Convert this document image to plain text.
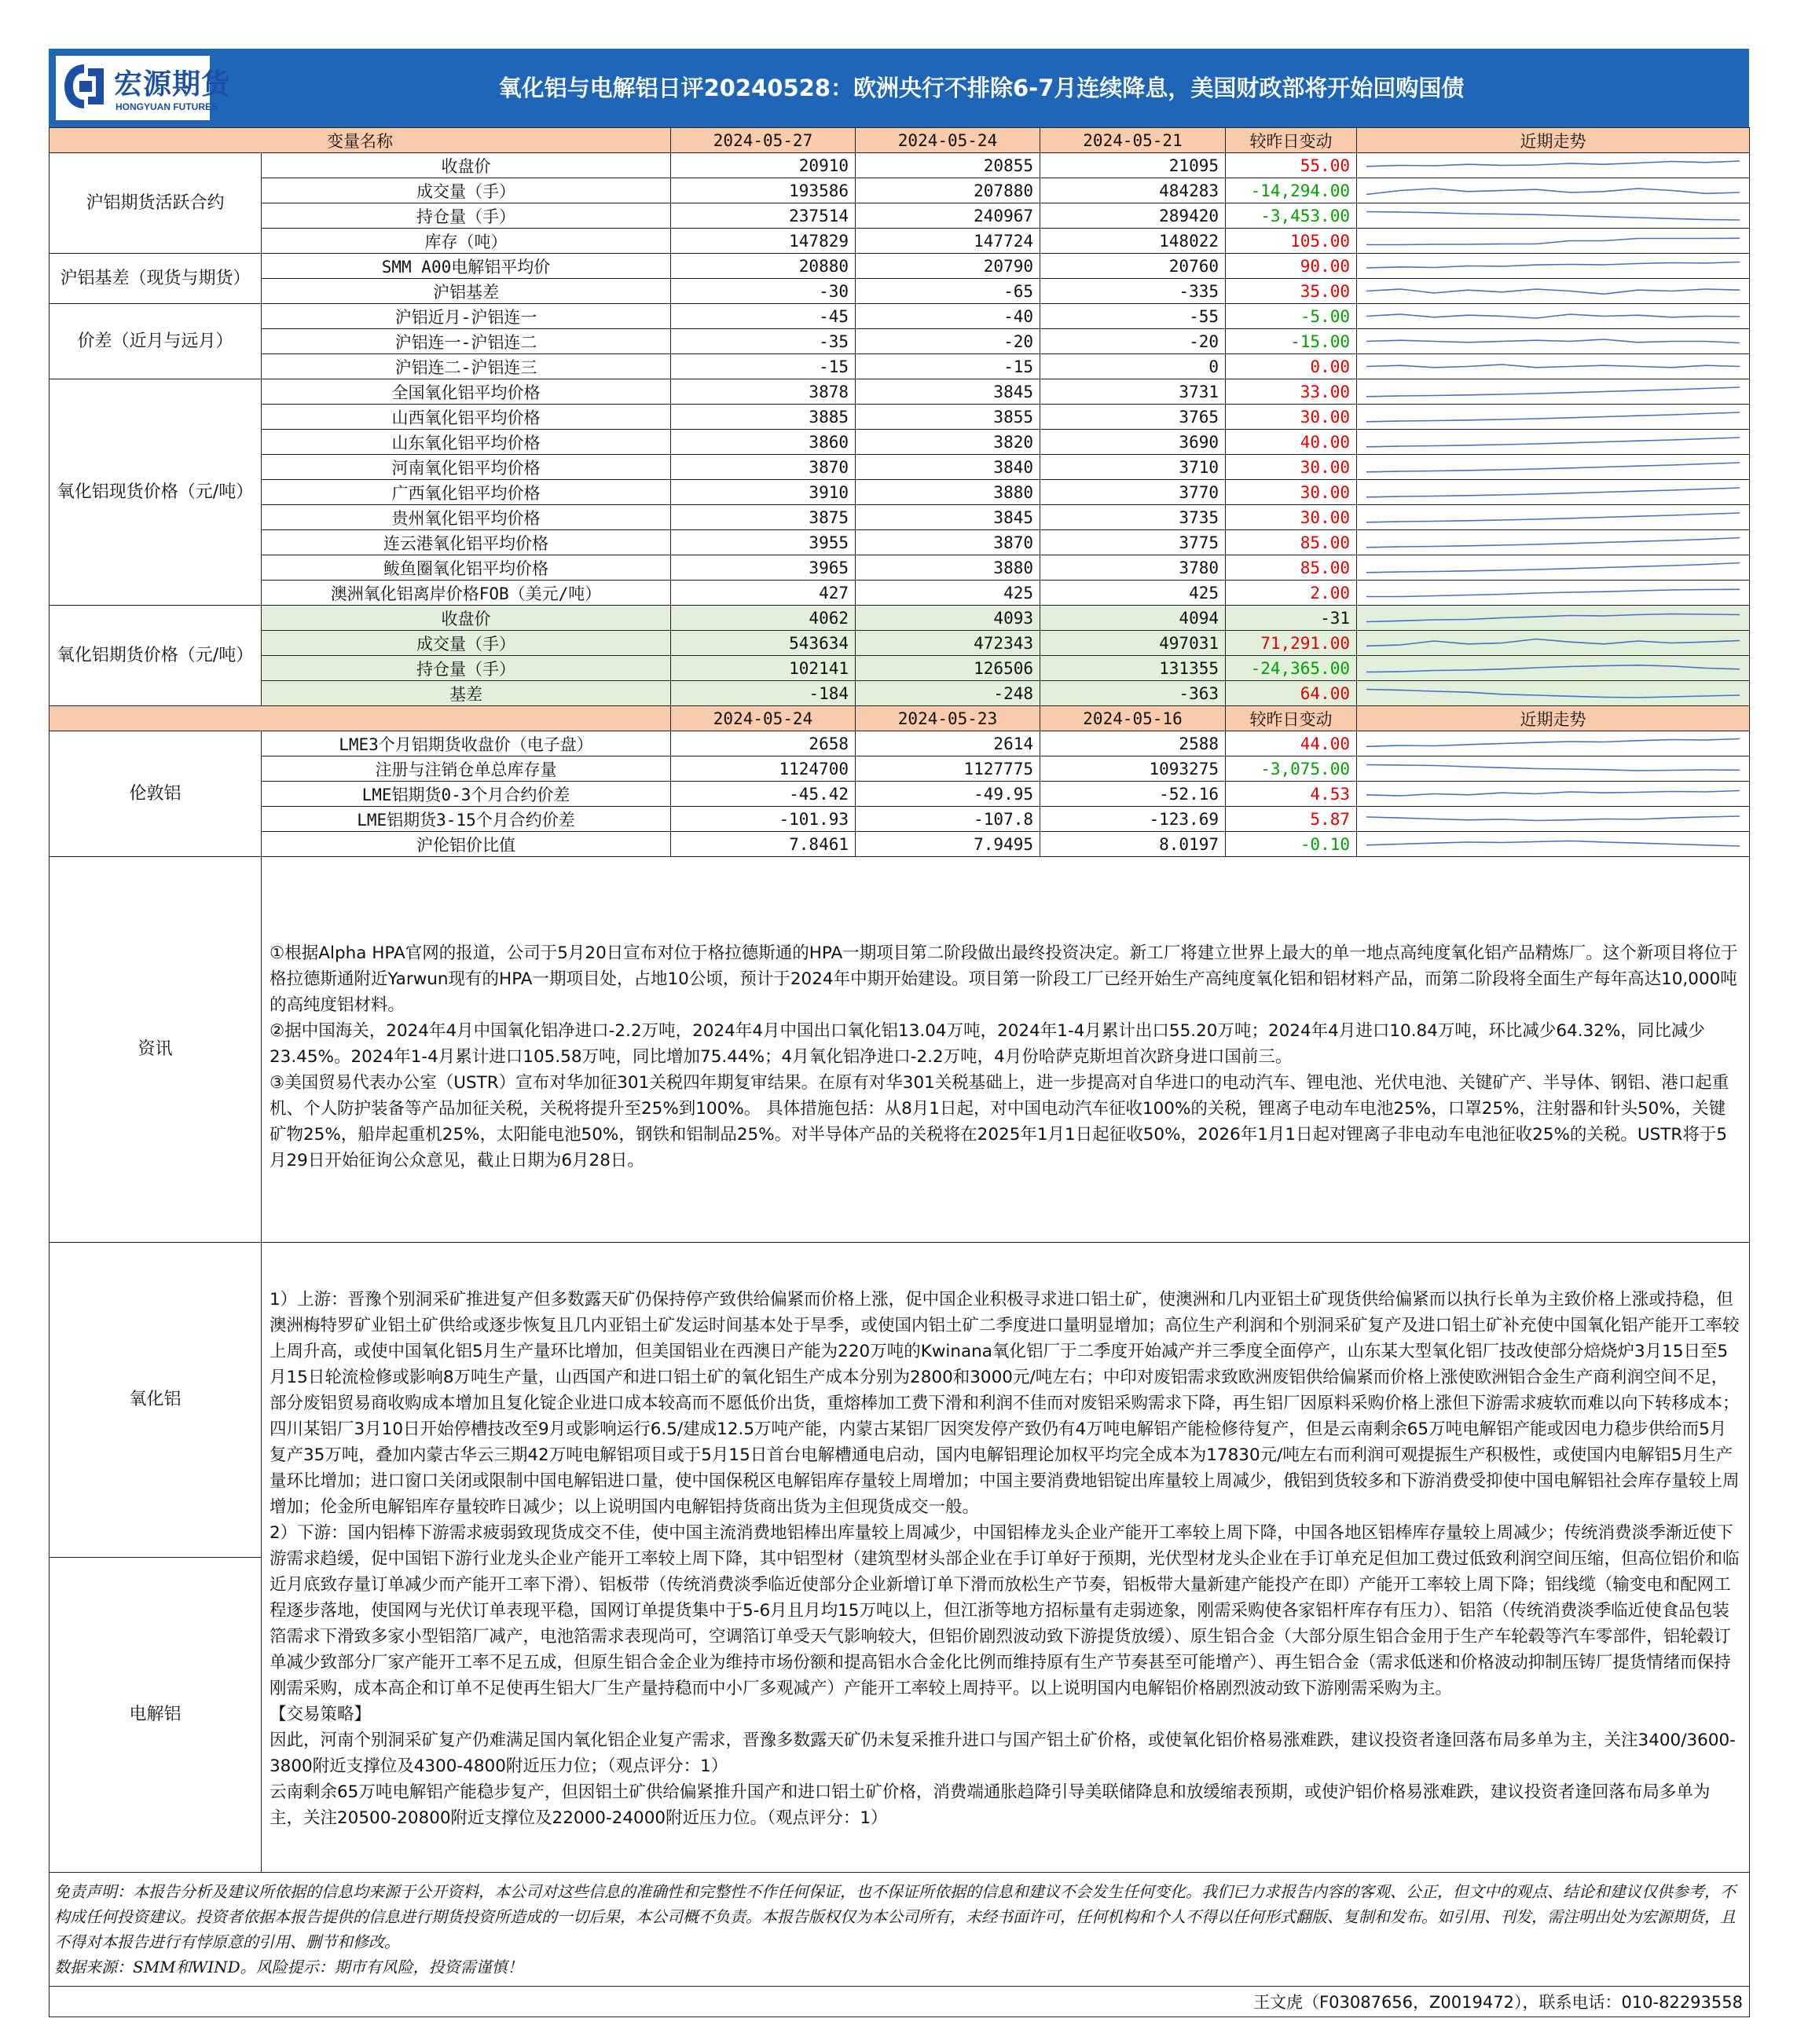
宏源期货
HONGYUAN FUTURES
氧化铝与电解铝日评20240528：欧洲央行不排除6-7月连续降息，美国财政部将开始回购国债
变量名称		2024-05-27	2024-05-24	2024-05-21	较昨日变动	近期走势
沪铝期货活跃合约	收盘价	20910	20855	21095	55.00	

	成交量（手）	193586	207880	484283	-14,294.00	

	持仓量（手）	237514	240967	289420	-3,453.00	

	库存（吨）	147829	147724	148022	105.00	

沪铝基差（现货与期货）	SMM A00电解铝平均价	20880	20790	20760	90.00	

	沪铝基差	-30	-65	-335	35.00	

价差（近月与远月）	沪铝近月-沪铝连一	-45	-40	-55	-5.00	

	沪铝连一-沪铝连二	-35	-20	-20	-15.00	

	沪铝连二-沪铝连三	-15	-15	0	0.00	

氧化铝现货价格（元/吨）	全国氧化铝平均价格	3878	3845	3731	33.00	

	山西氧化铝平均价格	3885	3855	3765	30.00	

	山东氧化铝平均价格	3860	3820	3690	40.00	

	河南氧化铝平均价格	3870	3840	3710	30.00	

	广西氧化铝平均价格	3910	3880	3770	30.00	

	贵州氧化铝平均价格	3875	3845	3735	30.00	

	连云港氧化铝平均价格	3955	3870	3775	85.00	

	鲅鱼圈氧化铝平均价格	3965	3880	3780	85.00	

	澳洲氧化铝离岸价格FOB（美元/吨）	427	425	425	2.00	

氧化铝期货价格（元/吨）	收盘价	4062	4093	4094	-31	

	成交量（手）	543634	472343	497031	71,291.00	

	持仓量（手）	102141	126506	131355	-24,365.00	

	基差	-184	-248	-363	64.00	

		2024-05-24	2024-05-23	2024-05-16	较昨日变动	近期走势
伦敦铝	LME3个月铝期货收盘价（电子盘）	2658	2614	2588	44.00	

	注册与注销仓单总库存量	1124700	1127775	1093275	-3,075.00	

	LME铝期货0-3个月合约价差	-45.42	-49.95	-52.16	4.53	

	LME铝期货3-15个月合约价差	-101.93	-107.8	-123.69	5.87	

	沪伦铝价比值	7.8461	7.9495	8.0197	-0.10	

资讯	①根据Alpha HPA官网的报道，公司于5月20日宣布对位于格拉德斯通的HPA一期项目第二阶段做出最终投资决定。新工厂将建立世界上最大的单一地点高纯度氧化铝产品精炼厂。这个新项目将位于格拉德斯通附近Yarwun现有的HPA一期项目处，占地10公顷，预计于2024年中期开始建设。项目第一阶段工厂已经开始生产高纯度氧化铝和铝材料产品，而第二阶段将全面生产每年高达10,000吨的高纯度铝材料。

②据中国海关，2024年4月中国氧化铝净进口-2.2万吨，2024年4月中国出口氧化铝13.04万吨，2024年1-4月累计出口55.20万吨；2024年4月进口10.84万吨，环比减少64.32%，同比减少23.45%。2024年1-4月累计进口105.58万吨，同比增加75.44%；4月氧化铝净进口-2.2万吨，4月份哈萨克斯坦首次跻身进口国前三。

③美国贸易代表办公室（USTR）宣布对华加征301关税四年期复审结果。在原有对华301关税基础上，进一步提高对自华进口的电动汽车、锂电池、光伏电池、关键矿产、半导体、钢铝、港口起重机、个人防护装备等产品加征关税，关税将提升至25%到100%。 具体措施包括：从8月1日起，对中国电动汽车征收100%的关税，锂离子电动车电池25%，口罩25%，注射器和针头50%，关键矿物25%，船岸起重机25%，太阳能电池50%，钢铁和铝制品25%。对半导体产品的关税将在2025年1月1日起征收50%，2026年1月1日起对锂离子非电动车电池征收25%的关税。USTR将于5月29日开始征询公众意见，截止日期为6月28日。					

氧化铝	1）上游：晋豫个别洞采矿推进复产但多数露天矿仍保持停产致供给偏紧而价格上涨，促中国企业积极寻求进口铝土矿，使澳洲和几内亚铝土矿现货供给偏紧而以执行长单为主致价格上涨或持稳，但澳洲梅特罗矿业铝土矿供给或逐步恢复且几内亚铝土矿发运时间基本处于旱季，或使国内铝土矿二季度进口量明显增加；高位生产利润和个别洞采矿复产及进口铝土矿补充使中国氧化铝产能开工率较上周升高，或使中国氧化铝5月生产量环比增加，但美国铝业在西澳日产能为220万吨的Kwinana氧化铝厂于二季度开始减产并三季度全面停产，山东某大型氧化铝厂技改使部分焙烧炉3月15日至5月15日轮流检修或影响8万吨生产量，山西国产和进口铝土矿的氧化铝生产成本分别为2800和3000元/吨左右；中印对废铝需求致欧洲废铝供给偏紧而价格上涨使欧洲铝合金生产商利润空间不足，部分废铝贸易商收购成本增加且复化锭企业进口成本较高而不愿低价出货，重熔棒加工费下滑和利润不佳而对废铝采购需求下降，再生铝厂因原料采购价格上涨但下游需求疲软而难以向下转移成本；四川某铝厂3月10日开始停槽技改至9月或影响运行6.5/建成12.5万吨产能，内蒙古某铝厂因突发停产致仍有4万吨电解铝产能检修待复产，但是云南剩余65万吨电解铝产能或因电力稳步供给而5月复产35万吨，叠加内蒙古华云三期42万吨电解铝项目或于5月15日首台电解槽通电启动，国内电解铝理论加权平均完全成本为17830元/吨左右而利润可观提振生产积极性，或使国内电解铝5月生产量环比增加；进口窗口关闭或限制中国电解铝进口量，使中国保税区电解铝库存量较上周增加；中国主要消费地铝锭出库量较上周减少，俄铝到货较多和下游消费受抑使中国电解铝社会库存量较上周增加；伦金所电解铝库存量较昨日减少；以上说明国内电解铝持货商出货为主但现货成交一般。

2）下游：国内铝棒下游需求疲弱致现货成交不佳，使中国主流消费地铝棒出库量较上周减少，中国铝棒龙头企业产能开工率较上周下降，中国各地区铝棒库存量较上周减少；传统消费淡季渐近使下游需求趋缓，促中国铝下游行业龙头企业产能开工率较上周下降，其中铝型材（建筑型材头部企业在手订单好于预期，光伏型材龙头企业在手订单充足但加工费过低致利润空间压缩，但高位铝价和临近月底致存量订单减少而产能开工率下滑）、铝板带（传统消费淡季临近使部分企业新增订单下滑而放松生产节奏，铝板带大量新建产能投产在即）产能开工率较上周下降；铝线缆（输变电和配网工程逐步落地，使国网与光伏订单表现平稳，国网订单提货集中于5-6月且月均15万吨以上，但江浙等地方招标量有走弱迹象，刚需采购使各家铝杆库存有压力）、铝箔（传统消费淡季临近使食品包装箔需求下滑致多家小型铝箔厂减产，电池箔需求表现尚可，空调箔订单受天气影响较大，但铝价剧烈波动致下游提货放缓）、原生铝合金（大部分原生铝合金用于生产车轮毂等汽车零部件，铝轮毂订单减少致部分厂家产能开工率不足五成，但原生铝合金企业为维持市场份额和提高铝水合金化比例而维持原有生产节奏甚至可能增产）、再生铝合金（需求低迷和价格波动抑制压铸厂提货情绪而保持刚需采购，成本高企和订单不足使再生铝大厂生产量持稳而中小厂多观减产）产能开工率较上周持平。以上说明国内电解铝价格剧烈波动致下游刚需采购为主。

【交易策略】

因此，河南个别洞采矿复产仍难满足国内氧化铝企业复产需求，晋豫多数露天矿仍未复采推升进口与国产铝土矿价格，或使氧化铝价格易涨难跌，建议投资者逢回落布局多单为主，关注3400/3600-3800附近支撑位及4300-4800附近压力位；（观点评分：1）

云南剩余65万吨电解铝产能稳步复产，但因铝土矿供给偏紧推升国产和进口铝土矿价格，消费端通胀趋降引导美联储降息和放缓缩表预期，或使沪铝价格易涨难跌，建议投资者逢回落布局多单为主，关注20500-20800附近支撑位及22000-24000附近压力位。（观点评分：1）					

电解铝						

免责声明：本报告分析及建议所依据的信息均来源于公开资料，本公司对这些信息的准确性和完整性不作任何保证，也不保证所依据的信息和建议不会发生任何变化。我们已力求报告内容的客观、公正，但文中的观点、结论和建议仅供参考，不构成任何投资建议。投资者依据本报告提供的信息进行期货投资所造成的一切后果，本公司概不负责。本报告版权仅为本公司所有，未经书面许可，任何机构和个人不得以任何形式翻版、复制和发布。如引用、刊发，需注明出处为宏源期货，且不得对本报告进行有悖原意的引用、删节和修改。

数据来源：SMM和WIND。风险提示：期市有风险，投资需谨慎！						

王文虎（F03087656，Z0019472），联系电话：010-82293558						
